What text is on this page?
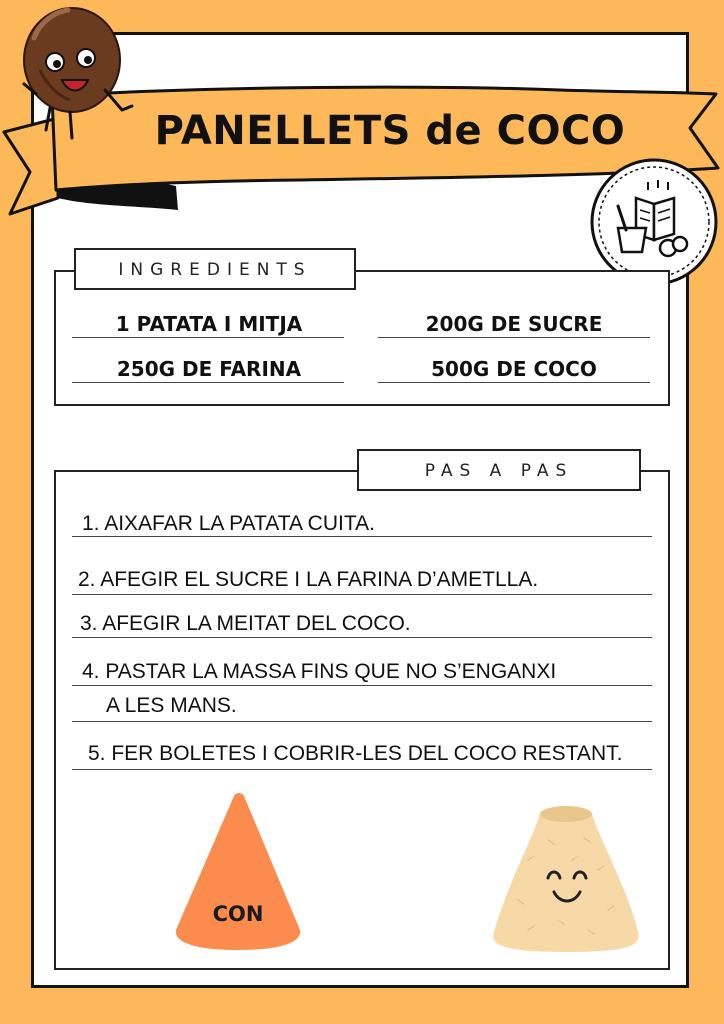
PANELLETS de COCO
INGREDIENTS
1 PATATA I MITJA	200G DE SUCRE
250G DE FARINA	500G DE COCO
PAS A PAS
1. AIXAFAR LA PATATA CUITA.
2. AFEGIR EL SUCRE I LA FARINA D’AMETLLA.
3. AFEGIR LA MEITAT DEL COCO.
4. PASTAR LA MASSA FINS QUE NO S’ENGANXI
A LES MANS.
5. FER BOLETES I COBRIR-LES DEL COCO RESTANT.
CON
